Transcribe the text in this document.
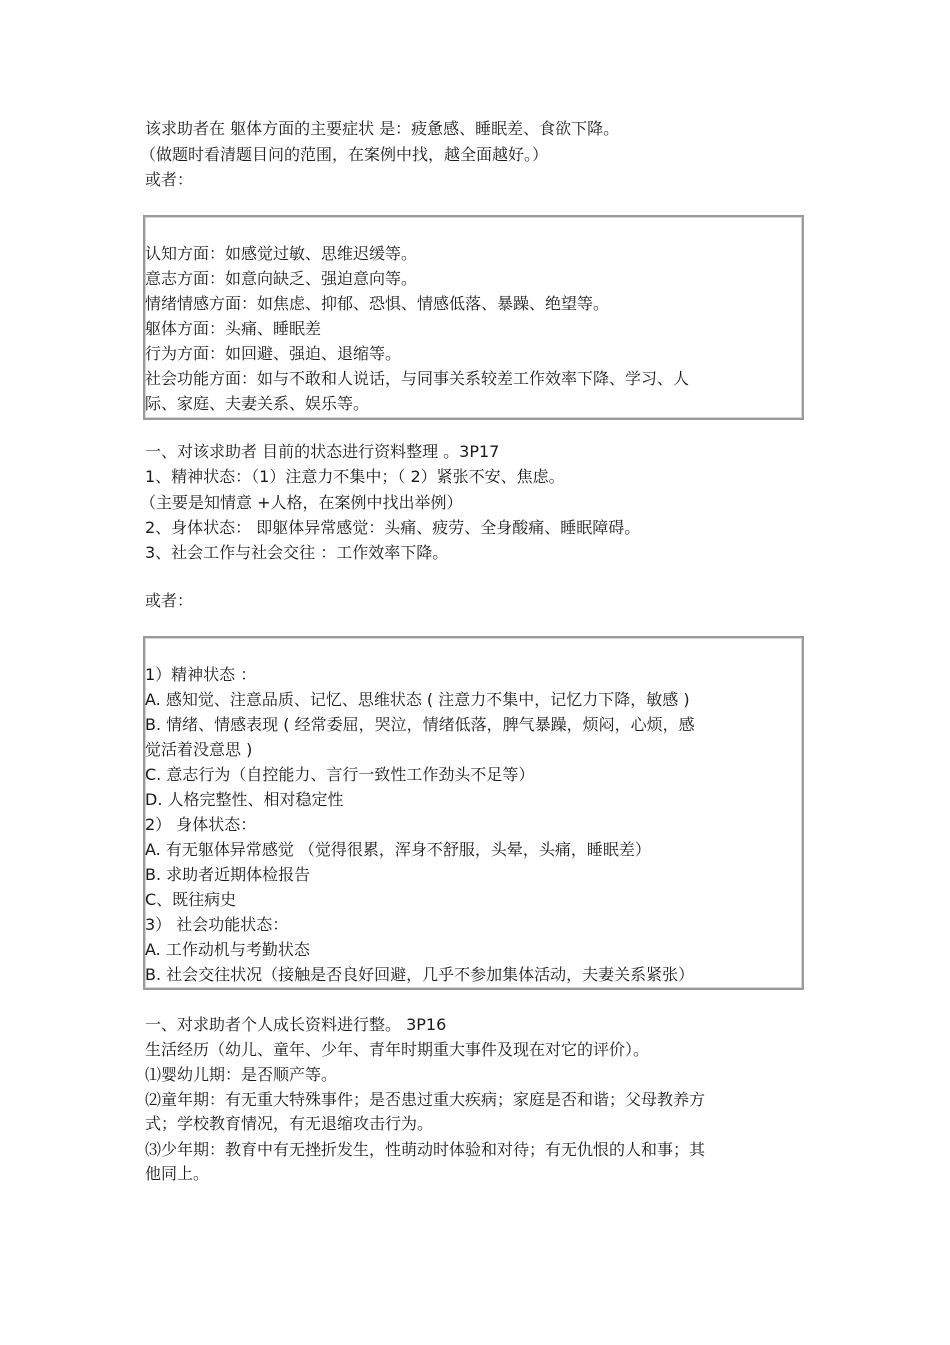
该求助者在 躯体方面的主要症状 是：疲惫感、睡眠差、食欲下降。
（做题时看清题目问的范围，在案例中找，越全面越好。）
或者：
认知方面：如感觉过敏、思维迟缓等。
意志方面：如意向缺乏、强迫意向等。
情绪情感方面：如焦虑、抑郁、恐惧、情感低落、暴躁、绝望等。
躯体方面：头痛、睡眠差
行为方面：如回避、强迫、退缩等。
社会功能方面：如与不敢和人说话，与同事关系较差工作效率下降、学习、人
际、家庭、夫妻关系、娱乐等。
一、对该求助者 目前的状态进行资料整理 。3P17
1、精神状态：（1）注意力不集中；（ 2）紧张不安、焦虑。
（主要是知情意 +人格，在案例中找出举例）
2、身体状态： 即躯体异常感觉：头痛、疲劳、全身酸痛、睡眠障碍。
3、社会工作与社会交往 ：工作效率下降。
或者：
1）精神状态 ：
A. 感知觉、注意品质、记忆、思维状态 ( 注意力不集中，记忆力下降，敏感 )
B. 情绪、情感表现 ( 经常委屈，哭泣，情绪低落，脾气暴躁，烦闷，心烦，感
觉活着没意思 )
C. 意志行为（自控能力、言行一致性工作劲头不足等）
D. 人格完整性、相对稳定性
2） 身体状态：
A. 有无躯体异常感觉 （觉得很累，浑身不舒服，头晕，头痛，睡眠差）
B. 求助者近期体检报告
C、既往病史
3） 社会功能状态：
A. 工作动机与考勤状态
B. 社会交往状况（接触是否良好回避，几乎不参加集体活动，夫妻关系紧张）
一、对求助者个人成长资料进行整。 3P16
生活经历（幼儿、童年、少年、青年时期重大事件及现在对它的评价）。
⑴婴幼儿期：是否顺产等。
⑵童年期：有无重大特殊事件；是否患过重大疾病；家庭是否和谐；父母教养方
式；学校教育情况，有无退缩攻击行为。
⑶少年期：教育中有无挫折发生，性萌动时体验和对待；有无仇恨的人和事；其
他同上。
